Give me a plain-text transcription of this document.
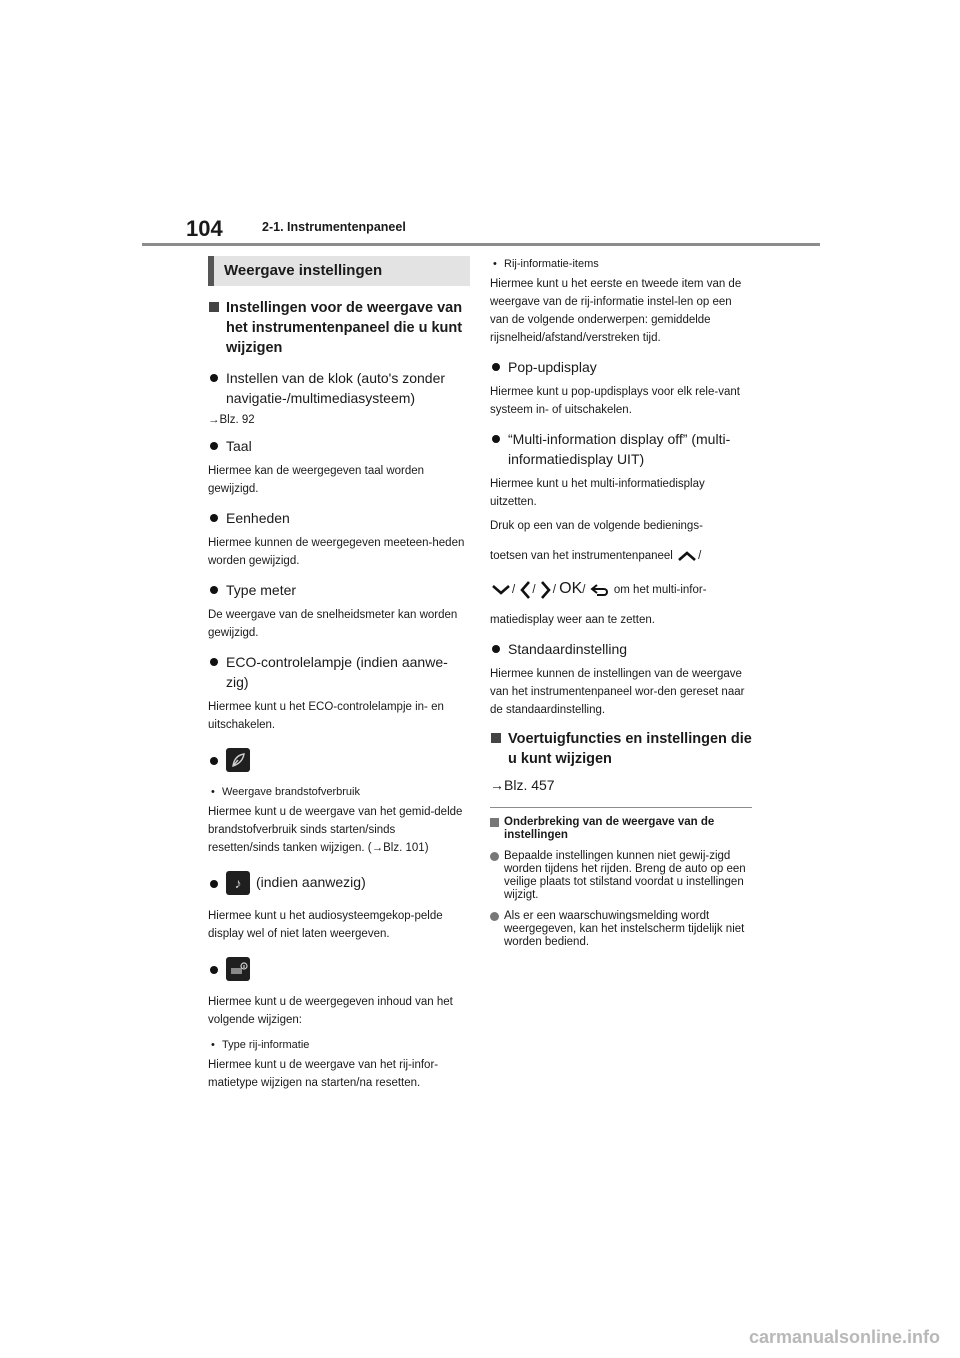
104	2-1. Instrumentenpaneel
Weergave instellingen
Instellingen voor de weergave van het instrumentenpaneel die u kunt wijzigen
Instellen van de klok (auto's zonder navigatie-/multimediasysteem)
→Blz. 92
Taal
Hiermee kan de weergegeven taal worden gewijzigd.
Eenheden
Hiermee kunnen de weergegeven meeteen-heden worden gewijzigd.
Type meter
De weergave van de snelheidsmeter kan worden gewijzigd.
ECO-controlelampje (indien aanwe-zig)
Hiermee kunt u het ECO-controlelampje in- en uitschakelen.
• Weergave brandstofverbruik
Hiermee kunt u de weergave van het gemid-delde brandstofverbruik sinds starten/sinds resetten/sinds tanken wijzigen. (→Blz. 101)
♪	(indien aanwezig)
Hiermee kunt u het audiosysteemgekop-pelde display wel of niet laten weergeven.
Hiermee kunt u de weergegeven inhoud van het volgende wijzigen:
• Type rij-informatie
Hiermee kunt u de weergave van het rij-infor-matietype wijzigen na starten/na resetten.
• Rij-informatie-items
Hiermee kunt u het eerste en tweede item van de weergave van de rij-informatie instel-len op een van de volgende onderwerpen: gemiddelde rijsnelheid/afstand/verstreken tijd.
Pop-updisplay
Hiermee kunt u pop-updisplays voor elk rele-vant systeem in- of uitschakelen.
“Multi-information display off” (multi-informatiedisplay UIT)
Hiermee kunt u het multi-informatiedisplay uitzetten.

Druk op een van de volgende bedienings-

toetsen van het instrumentenpaneel /

/ / / OK/  om het multi-infor-

matiedisplay weer aan te zetten.

Standaardinstelling
Hiermee kunnen de instellingen van de weergave van het instrumentenpaneel wor-den gereset naar de standaardinstelling.
Voertuigfuncties en instellingen die u kunt wijzigen
→Blz. 457
Onderbreking van de weergave van de instellingen
Bepaalde instellingen kunnen niet gewij-zigd worden tijdens het rijden. Breng de auto op een veilige plaats tot stilstand voordat u instellingen wijzigt.
Als er een waarschuwingsmelding wordt weergegeven, kan het instelscherm tijdelijk niet worden bediend.
carmanualsonline.info
